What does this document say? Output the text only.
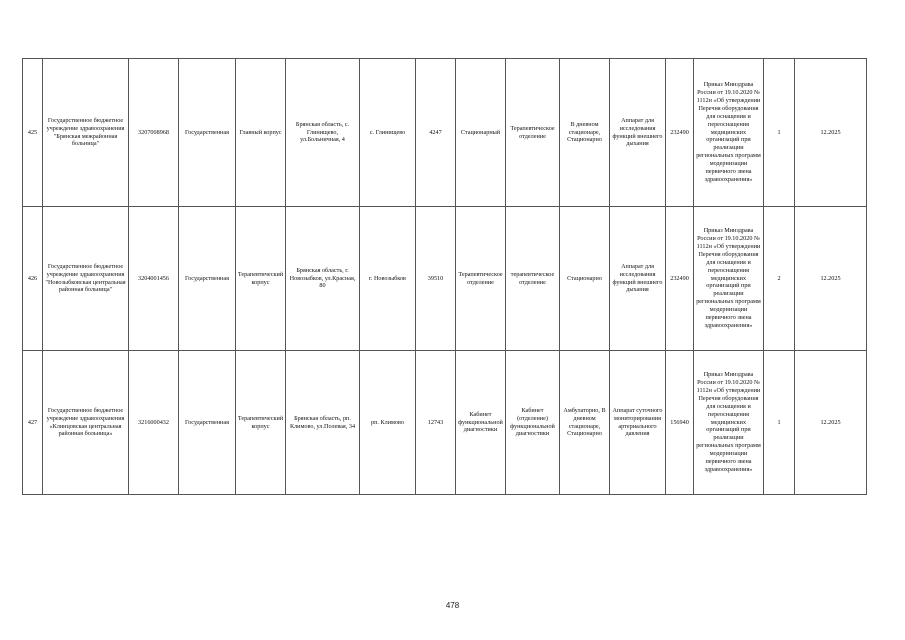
425	Государственное бюджетное учреждение здравоохранения "Брянская межрайонная больница"	3207008968	Государственная	Главный корпус	Брянская область, с. Глинищево, ул.Больничная, 4	с. Глинищево	4247	Стационарный	Терапевтическое отделение	В дневном стационаре, Стационарно	Аппарат для исследования функций внешнего дыхания	232490	Приказ Минздрава России от 19.10.2020 № 1112н «Об утверждении Перечня оборудования для оснащения и переоснащения медицинских организаций при реализации региональных программ модернизации первичного звена здравоохранения»	1	12.2025
426	Государственное бюджетное учреждение здравоохранения "Новозыбковская центральная районная больница"	3204001456	Государственная	Терапевтический корпус	Брянская область, г. Новозыбков, ул.Красная, 80	г. Новозыбков	39510	Терапевтическое отделение	терапевтическое отделение	Стационарно	Аппарат для исследования функций внешнего дыхания	232490	Приказ Минздрава России от 19.10.2020 № 1112н «Об утверждении Перечня оборудования для оснащения и переоснащения медицинских организаций при реализации региональных программ модернизации первичного звена здравоохранения»	2	12.2025
427	Государственное бюджетное учреждение здравоохранения «Клинцовская центральная районная больница»	3216000432	Государственная	Терапевтический корпус	Брянская область, рп. Климово, ул.Полевая, 34	рп. Климово	12743	Кабинет функциональной диагностики	Кабинет (отделение) функциональной диагностики	Амбулаторно, В дневном стационаре, Стационарно	Аппарат суточного мониторирования артериального давления	156940	Приказ Минздрава России от 19.10.2020 № 1112н «Об утверждении Перечня оборудования для оснащения и переоснащения медицинских организаций при реализации региональных программ модернизации первичного звена здравоохранения»	1	12.2025
478
